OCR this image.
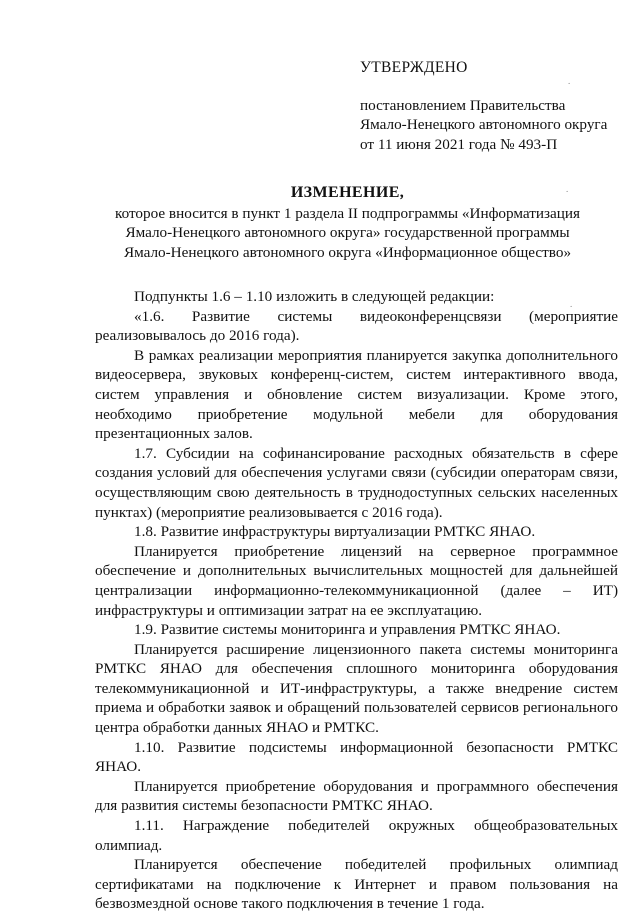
УТВЕРЖДЕНО

постановлением Правительства

Ямало-Ненецкого автономного округа

от 11 июня 2021 года № 493-П

ИЗМЕНЕНИЕ,

которое вносится в пункт 1 раздела II подпрограммы «Информатизация

Ямало-Ненецкого автономного округа» государственной программы

Ямало-Ненецкого автономного округа «Информационное общество»

Подпункты 1.6 – 1.10 изложить в следующей редакции:

«1.6. Развитие системы видеоконференцсвязи (мероприятие реализовывалось до 2016 года).

В рамках реализации мероприятия планируется закупка дополнительного видеосервера, звуковых конференц-систем, систем интерактивного ввода, систем управления и обновление систем визуализации. Кроме этого, необходимо приобретение модульной мебели для оборудования презентационных залов.

1.7. Субсидии на софинансирование расходных обязательств в сфере создания условий для обеспечения услугами связи (субсидии операторам связи, осуществляющим свою деятельность в труднодоступных сельских населенных пунктах) (мероприятие реализовывается с 2016 года).

1.8. Развитие инфраструктуры виртуализации РМТКС ЯНАО.

Планируется приобретение лицензий на серверное программное обеспечение и дополнительных вычислительных мощностей для дальнейшей централизации информационно-телекоммуникационной (далее – ИТ) инфраструктуры и оптимизации затрат на ее эксплуатацию.

1.9. Развитие системы мониторинга и управления РМТКС ЯНАО.

Планируется расширение лицензионного пакета системы мониторинга РМТКС ЯНАО для обеспечения сплошного мониторинга оборудования телекоммуникационной и ИТ-инфраструктуры, а также внедрение систем приема и обработки заявок и обращений пользователей сервисов регионального центра обработки данных ЯНАО и РМТКС.

1.10. Развитие подсистемы информационной безопасности РМТКС ЯНАО.

Планируется приобретение оборудования и программного обеспечения для развития системы безопасности РМТКС ЯНАО.

1.11. Награждение победителей окружных общеобразовательных олимпиад.

Планируется обеспечение победителей профильных олимпиад сертификатами на подключение к Интернет и правом пользования на безвозмездной основе такого подключения в течение 1 года.

.
.
.
